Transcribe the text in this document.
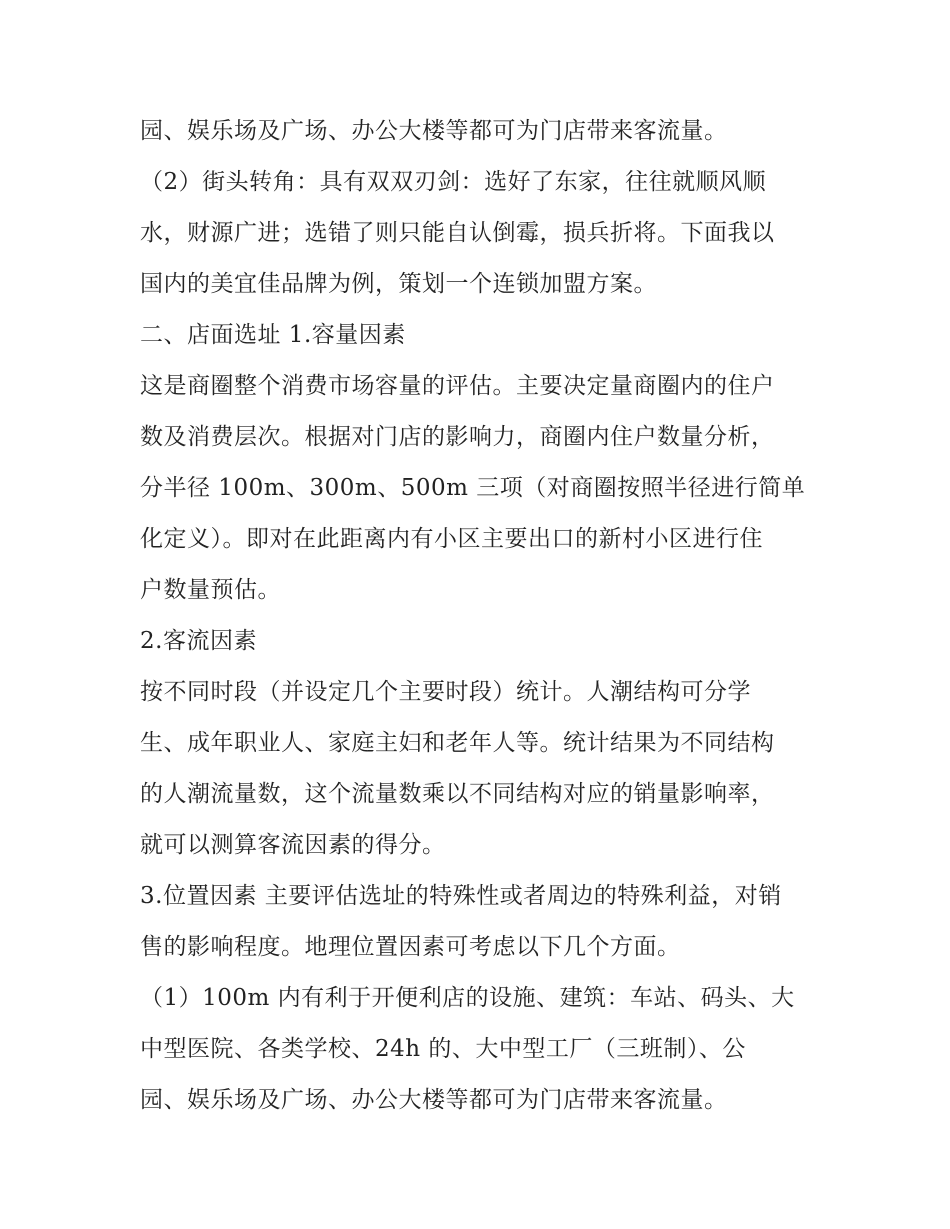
园、娱乐场及广场、办公大楼等都可为门店带来客流量。
（2）街头转角：具有双双刃剑：选好了东家，往往就顺风顺
水，财源广进；选错了则只能自认倒霉，损兵折将。下面我以
国内的美宜佳品牌为例，策划一个连锁加盟方案。
二、店面选址 1.容量因素
这是商圈整个消费市场容量的评估。主要决定量商圈内的住户
数及消费层次。根据对门店的影响力，商圈内住户数量分析，
分半径 100m、300m、500m 三项（对商圈按照半径进行简单
化定义）。即对在此距离内有小区主要出口的新村小区进行住
户数量预估。
2.客流因素
按不同时段（并设定几个主要时段）统计。人潮结构可分学
生、成年职业人、家庭主妇和老年人等。统计结果为不同结构
的人潮流量数，这个流量数乘以不同结构对应的销量影响率，
就可以测算客流因素的得分。
3.位置因素 主要评估选址的特殊性或者周边的特殊利益，对销
售的影响程度。地理位置因素可考虑以下几个方面。
（1）100m 内有利于开便利店的设施、建筑：车站、码头、大
中型医院、各类学校、24h 的、大中型工厂（三班制）、公
园、娱乐场及广场、办公大楼等都可为门店带来客流量。
